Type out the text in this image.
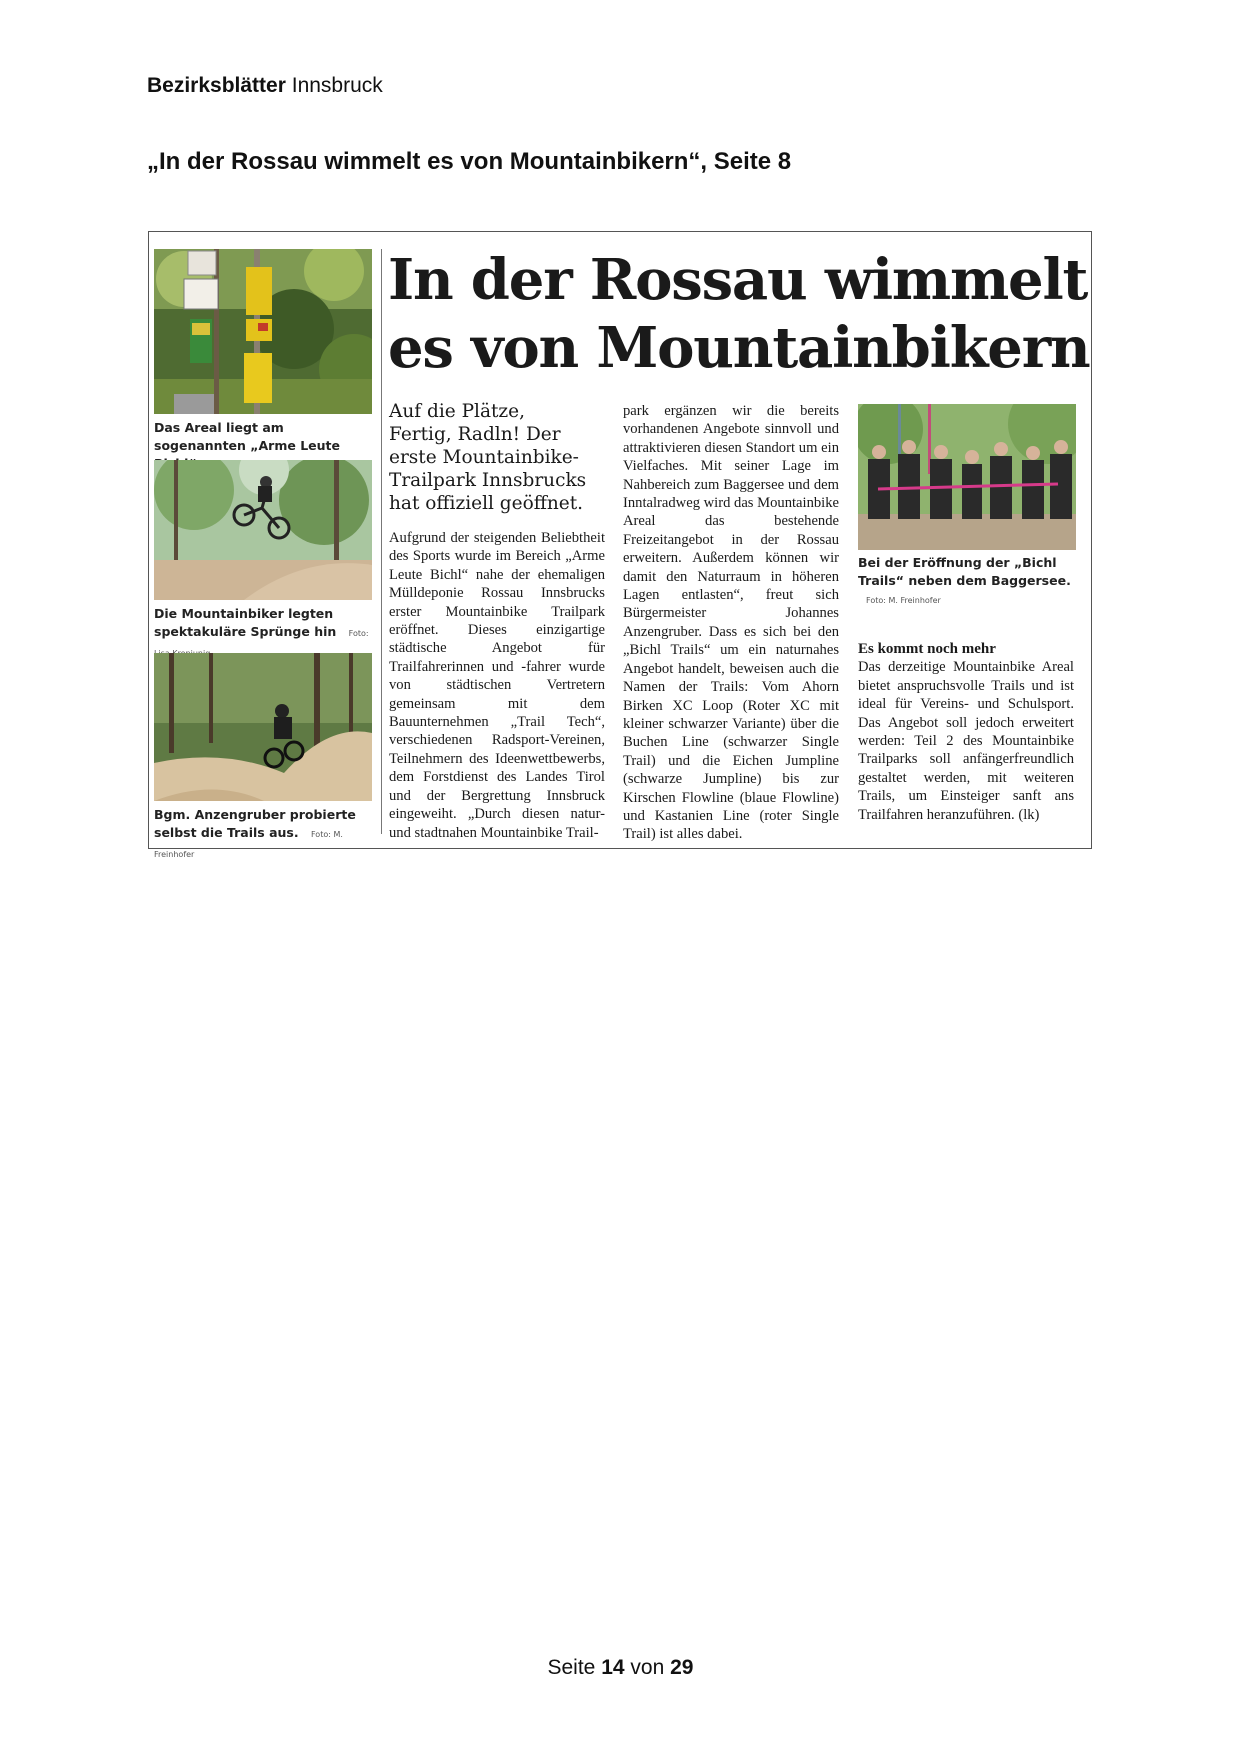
Bezirksblätter Innsbruck
„In der Rossau wimmelt es von Mountainbikern“, Seite 8
Das Areal liegt am sogenannten „Arme Leute
Die Mountainbiker legten spektakuläre Sprünge hin Foto:
Bgm. Anzengruber probierte selbst die Trails aus. Foto: M. Freinhofer
In der Rossau wimmelt
es von Mountainbikern
Auf die Plätze, Fertig, Radln! Der erste Mountainbike-Trailpark Innsbrucks hat offiziell geöffnet.
Aufgrund der steigenden Beliebtheit des Sports wurde im Bereich „Arme Leute Bichl“ nahe der ehemaligen Mülldeponie Rossau Innsbrucks erster Mountainbike Trailpark eröffnet. Dieses einzigartige städtische Angebot für Trailfahrerinnen und -fahrer wurde von städtischen Vertretern gemeinsam mit dem Bauunternehmen „Trail Tech“, verschiedenen Radsport-Vereinen, Teilnehmern des Ideenwettbewerbs, dem Forstdienst des Landes Tirol und der Bergrettung Innsbruck eingeweiht. „Durch diesen natur- und stadtnahen Mountainbike Trail-
park ergänzen wir die bereits vorhandenen Angebote sinnvoll und attraktivieren diesen Standort um ein Vielfaches. Mit seiner Lage im Nahbereich zum Baggersee und dem Inntalradweg wird das Mountainbike Areal das bestehende Freizeitangebot in der Rossau erweitern. Außerdem können wir damit den Naturraum in höheren Lagen entlasten“, freut sich Bürgermeister Johannes Anzengruber. Dass es sich bei den „Bichl Trails“ um ein naturnahes Angebot handelt, beweisen auch die Namen der Trails: Vom Ahorn Birken XC Loop (Roter XC mit kleiner schwarzer Variante) über die Buchen Line (schwarzer Single Trail) und die Eichen Jumpline (schwarze Jumpline) bis zur Kirschen Flowline (blaue Flowline) und Kastanien Line (roter Single Trail) ist alles dabei.
Bei der Eröffnung der „Bichl Trails“ neben dem Baggersee. Foto: M. Freinhofer
Es kommt noch mehr
Das derzeitige Mountainbike Areal bietet anspruchsvolle Trails und ist ideal für Vereins- und Schulsport. Das Angebot soll jedoch erweitert werden: Teil 2 des Mountainbike Trailparks soll anfängerfreundlich gestaltet werden, mit weiteren Trails, um Einsteiger sanft ans Trailfahren heranzuführen. (lk)
Seite 14 von 29
